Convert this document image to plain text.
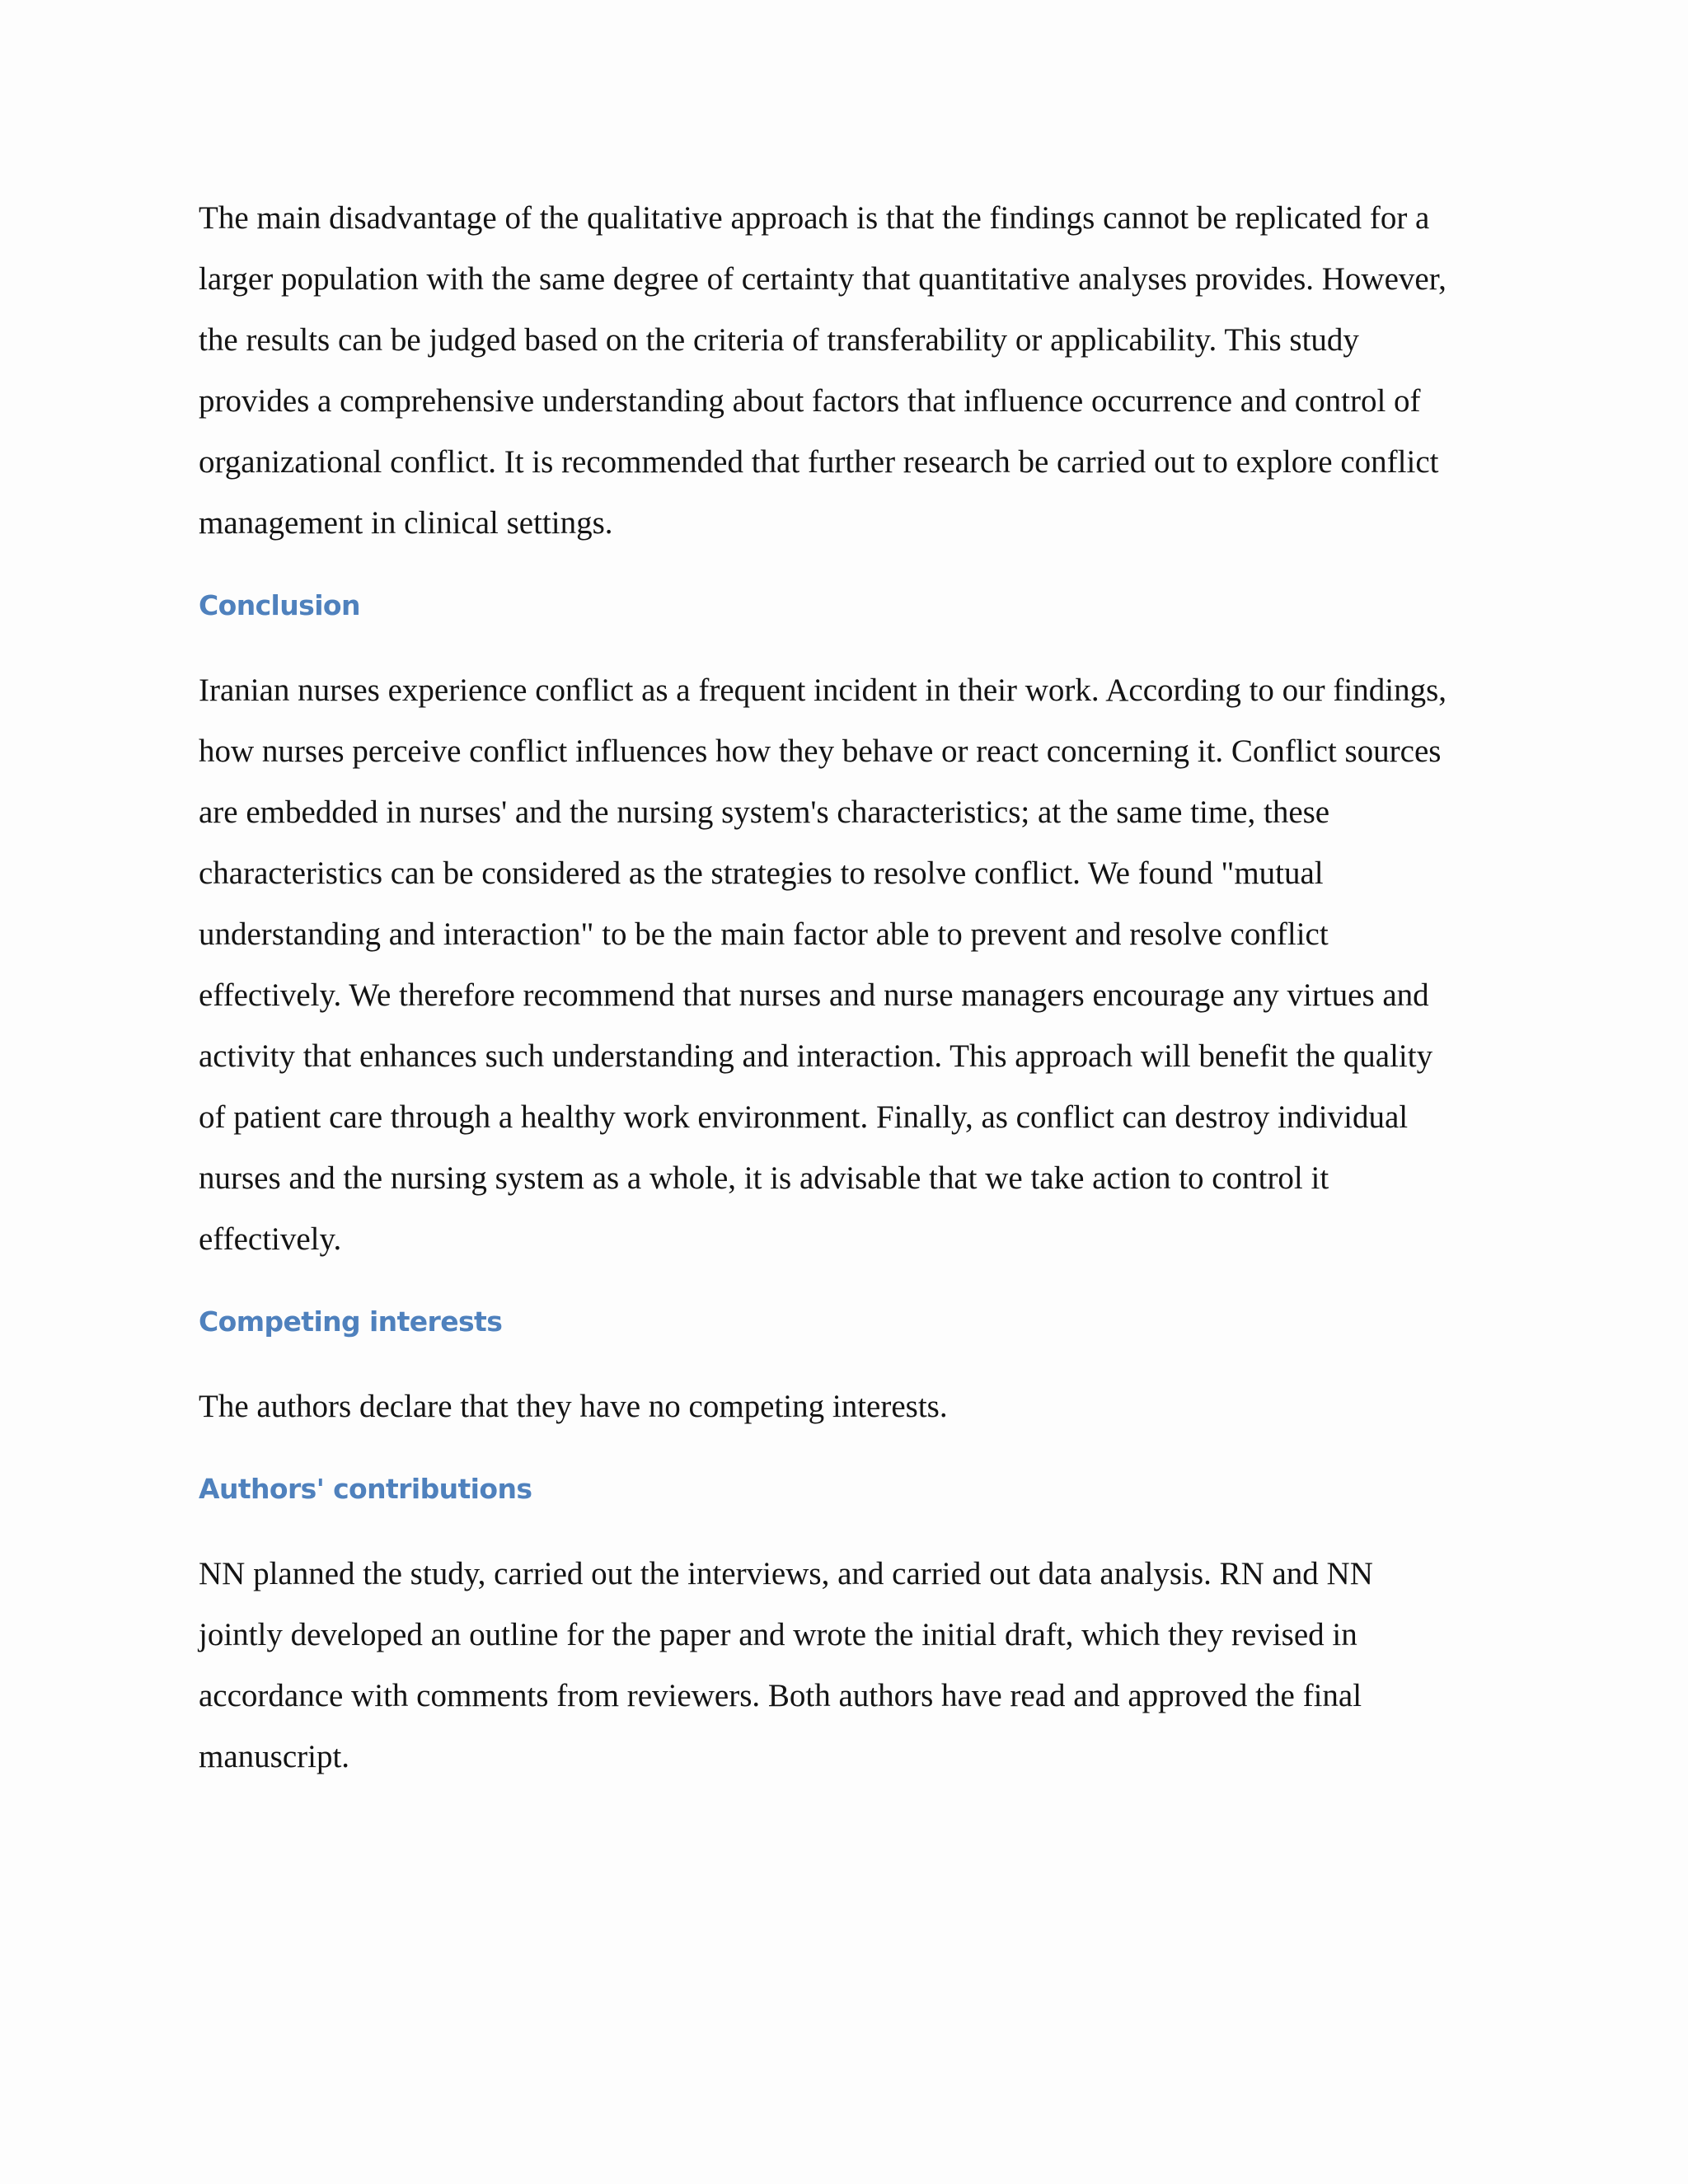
The main disadvantage of the qualitative approach is that the findings cannot be replicated for a
larger population with the same degree of certainty that quantitative analyses provides. However,
the results can be judged based on the criteria of transferability or applicability. This study
provides a comprehensive understanding about factors that influence occurrence and control of
organizational conflict. It is recommended that further research be carried out to explore conflict
management in clinical settings.

Conclusion

Iranian nurses experience conflict as a frequent incident in their work. According to our findings,
how nurses perceive conflict influences how they behave or react concerning it. Conflict sources
are embedded in nurses' and the nursing system's characteristics; at the same time, these
characteristics can be considered as the strategies to resolve conflict. We found "mutual
understanding and interaction" to be the main factor able to prevent and resolve conflict
effectively. We therefore recommend that nurses and nurse managers encourage any virtues and
activity that enhances such understanding and interaction. This approach will benefit the quality
of patient care through a healthy work environment. Finally, as conflict can destroy individual
nurses and the nursing system as a whole, it is advisable that we take action to control it
effectively.

Competing interests

The authors declare that they have no competing interests.

Authors' contributions

NN planned the study, carried out the interviews, and carried out data analysis. RN and NN
jointly developed an outline for the paper and wrote the initial draft, which they revised in
accordance with comments from reviewers. Both authors have read and approved the final
manuscript.
